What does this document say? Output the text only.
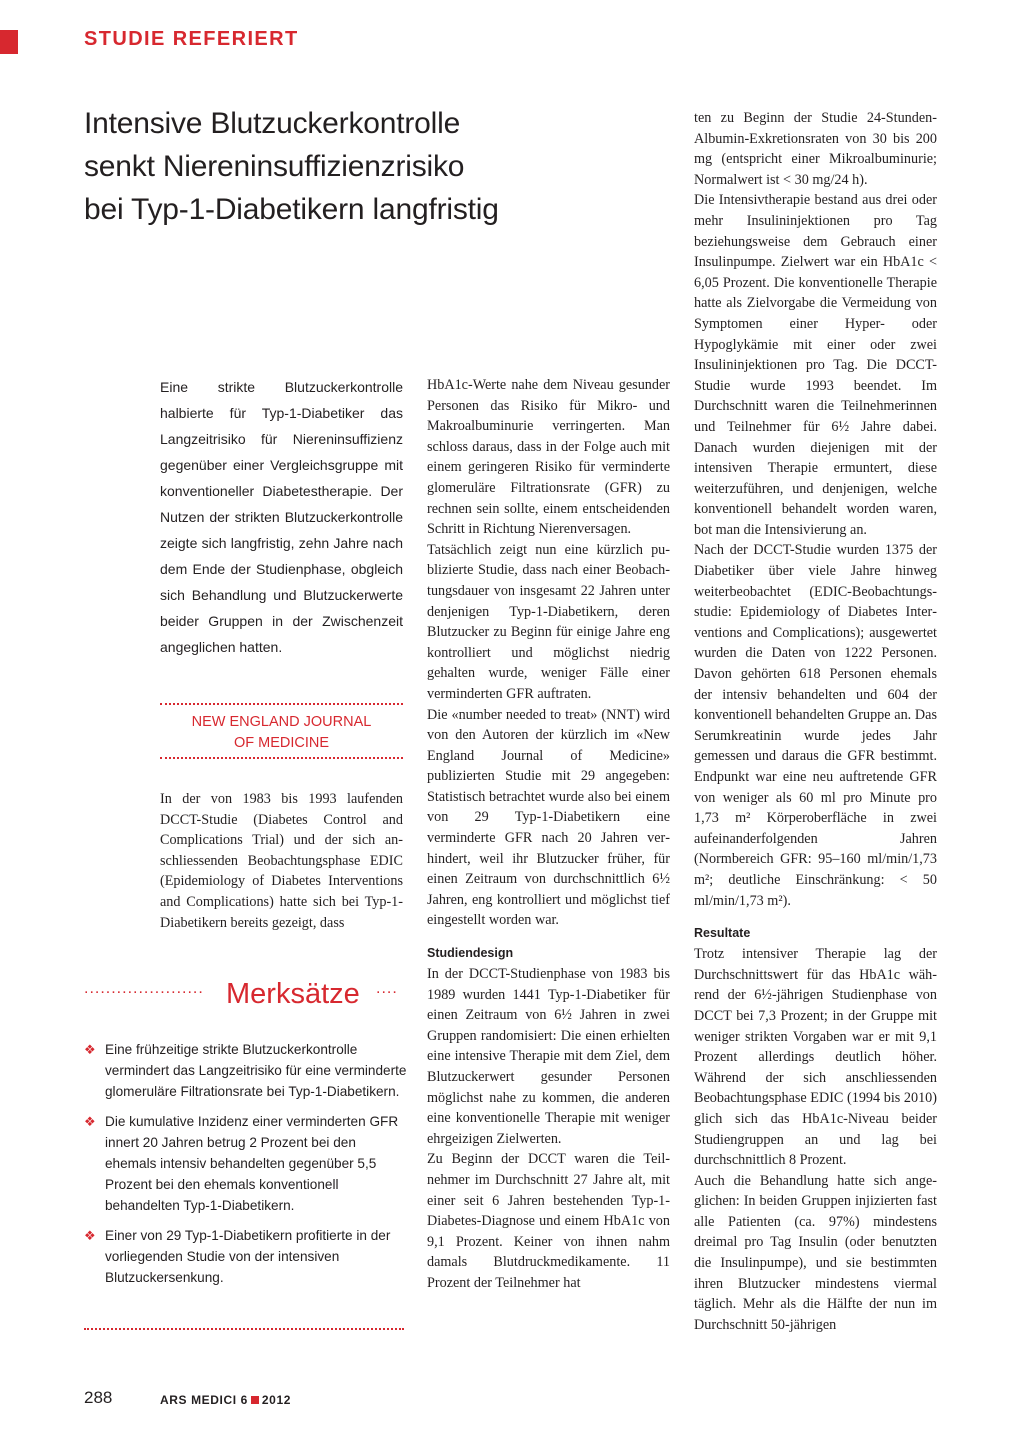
STUDIE REFERIERT
Intensive Blutzuckerkontrolle
senkt Niereninsuffizienzrisiko
bei Typ-1-Diabetikern langfristig

Eine strikte Blutzuckerkontrolle halbierte für Typ-1-Diabetiker das Langzeitrisiko für Niereninsuffizienz gegenüber einer Vergleichsgruppe mit konventioneller Diabetestherapie. Der Nutzen der strikten Blutzuckerkontrolle zeigte sich langfristig, zehn Jahre nach dem Ende der Studienphase, obgleich sich Behandlung und Blutzuckerwerte beider Gruppen in der Zwischenzeit angeglichen hatten.

NEW ENGLAND JOURNAL
OF MEDICINE

In der von 1983 bis 1993 laufenden DCCT-Studie (Diabetes Control and Complications Trial) und der sich anschliessenden Beobachtungsphase EDIC (Epidemiology of Diabetes Interventions and Complications) hatte sich bei Typ-1-Diabetikern bereits gezeigt, dass

HbA1c-Werte nahe dem Niveau gesunder Personen das Risiko für Mikro- und Makroalbuminurie verringerten. Man schloss daraus, dass in der Folge auch mit einem geringeren Risiko für verminderte glomeruläre Filtrationsrate (GFR) zu rechnen sein sollte, einem entscheidenden Schritt in Richtung Nierenversagen.

Tatsächlich zeigt nun eine kürzlich publizierte Studie, dass nach einer Beobachtungsdauer von insgesamt 22 Jahren unter denjenigen Typ-1-Diabetikern, deren Blutzucker zu Beginn für einige Jahre eng kontrolliert und möglichst niedrig gehalten wurde, weniger Fälle einer verminderten GFR auftraten.

Die «number needed to treat» (NNT) wird von den Autoren der kürzlich im «New England Journal of Medicine» publizierten Studie mit 29 angegeben: Statistisch betrachtet wurde also bei einem von 29 Typ-1-Diabetikern eine verminderte GFR nach 20 Jahren verhindert, weil ihr Blutzucker früher, für einen Zeitraum von durchschnittlich 6½ Jahren, eng kontrolliert und möglichst tief eingestellt worden war.

Studiendesign

In der DCCT-Studienphase von 1983 bis 1989 wurden 1441 Typ-1-Diabetiker für einen Zeitraum von 6½ Jahren in zwei Gruppen randomisiert: Die einen erhielten eine intensive Therapie mit dem Ziel, dem Blutzuckerwert gesunder Personen möglichst nahe zu kommen, die anderen eine konventionelle Therapie mit weniger ehrgeizigen Zielwerten.

Zu Beginn der DCCT waren die Teilnehmer im Durchschnitt 27 Jahre alt, mit einer seit 6 Jahren bestehenden Typ-1-Diabetes-Diagnose und einem HbA1c von 9,1 Prozent. Keiner von ihnen nahm damals Blutdruckmedikamente. 11 Prozent der Teilnehmer hat

ten zu Beginn der Studie 24-Stunden-Albumin-Exkretionsraten von 30 bis 200 mg (entspricht einer Mikroalbuminurie; Normalwert ist < 30 mg/24 h).

Die Intensivtherapie bestand aus drei oder mehr Insulininjektionen pro Tag beziehungsweise dem Gebrauch einer Insulinpumpe. Zielwert war ein HbA1c < 6,05 Prozent. Die konventionelle Therapie hatte als Zielvorgabe die Vermeidung von Symptomen einer Hyper- oder Hypoglykämie mit einer oder zwei Insulininjektionen pro Tag. Die DCCT-Studie wurde 1993 beendet. Im Durchschnitt waren die Teilnehmerinnen und Teilnehmer für 6½ Jahre dabei. Danach wurden diejenigen mit der intensiven Therapie ermuntert, diese weiterzuführen, und denjenigen, welche konventionell behandelt worden waren, bot man die Intensivierung an.

Nach der DCCT-Studie wurden 1375 der Diabetiker über viele Jahre hinweg weiterbeobachtet (EDIC-Beobachtungsstudie: Epidemiology of Diabetes Interventions and Complications); ausgewertet wurden die Daten von 1222 Personen. Davon gehörten 618 Personen ehemals der intensiv behandelten und 604 der konventionell behandelten Gruppe an. Das Serumkreatinin wurde jedes Jahr gemessen und daraus die GFR bestimmt. Endpunkt war eine neu auftretende GFR von weniger als 60 ml pro Minute pro 1,73 m² Körperoberfläche in zwei aufeinanderfolgenden Jahren (Normbereich GFR: 95–160 ml/min/1,73 m²; deutliche Einschränkung: < 50 ml/min/1,73 m²).

Resultate

Trotz intensiver Therapie lag der Durchschnittswert für das HbA1c während der 6½-jährigen Studienphase von DCCT bei 7,3 Prozent; in der Gruppe mit weniger strikten Vorgaben war er mit 9,1 Prozent allerdings deutlich höher. Während der sich anschliessenden Beobachtungsphase EDIC (1994 bis 2010) glich sich das HbA1c-Niveau beider Studiengruppen an und lag bei durchschnittlich 8 Prozent.

Auch die Behandlung hatte sich angeglichen: In beiden Gruppen injizierten fast alle Patienten (ca. 97%) mindestens dreimal pro Tag Insulin (oder benutzten die Insulinpumpe), und sie bestimmten ihren Blutzucker mindestens viermal täglich. Mehr als die Hälfte der nun im Durchschnitt 50-jährigen

...................... Merksätze ....
❖ Eine frühzeitige strikte Blutzuckerkontrolle vermindert das Langzeitrisiko für eine verminderte glomeruläre Filtrationsrate bei Typ-1-Diabetikern.
❖ Die kumulative Inzidenz einer verminderten GFR innert 20 Jahren betrug 2 Prozent bei den ehemals intensiv behandelten gegenüber 5,5 Prozent bei den ehemals konventionell behandelten Typ-1-Diabetikern.
❖ Einer von 29 Typ-1-Diabetikern profitierte in der vorliegenden Studie von der intensiven Blutzuckersenkung.
288	ARS MEDICI 6 2012
